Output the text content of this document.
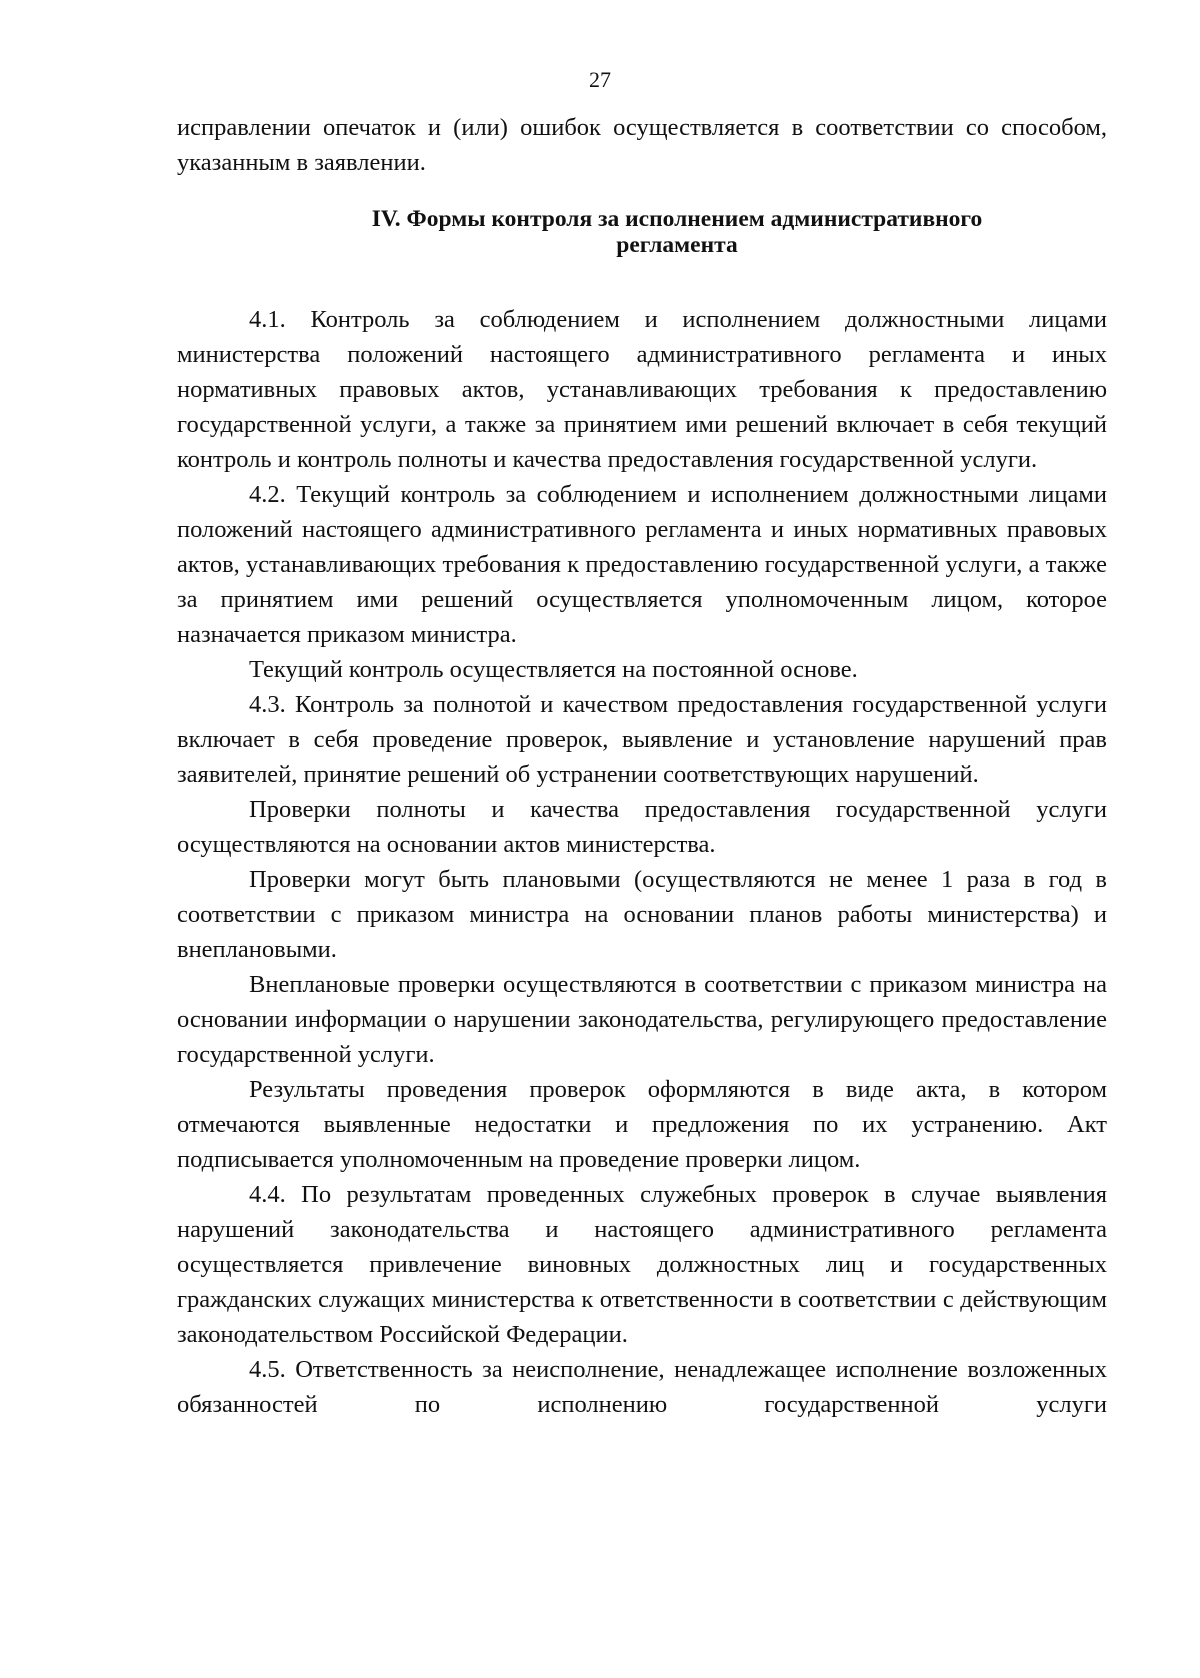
27

исправлении опечаток и (или) ошибок осуществляется в соответствии со способом, указанным в заявлении.

IV. Формы контроля за исполнением административного
регламента

4.1. Контроль за соблюдением и исполнением должностными лицами министерства положений настоящего административного регламента и иных нормативных правовых актов, устанавливающих требования к предоставлению государственной услуги, а также за принятием ими решений включает в себя текущий контроль и контроль полноты и качества предоставления государственной услуги.

4.2. Текущий контроль за соблюдением и исполнением должностными лицами положений настоящего административного регламента и иных нормативных правовых актов, устанавливающих требования к предоставлению государственной услуги, а также за принятием ими решений осуществляется уполномоченным лицом, которое назначается приказом министра.

Текущий контроль осуществляется на постоянной основе.

4.3. Контроль за полнотой и качеством предоставления государственной услуги включает в себя проведение проверок, выявление и установление нарушений прав заявителей, принятие решений об устранении соответствующих нарушений.

Проверки полноты и качества предоставления государственной услуги осуществляются на основании актов министерства.

Проверки могут быть плановыми (осуществляются не менее 1 раза в год в соответствии с приказом министра на основании планов работы министерства) и внеплановыми.

Внеплановые проверки осуществляются в соответствии с приказом министра на основании информации о нарушении законодательства, регулирующего предоставление государственной услуги.

Результаты проведения проверок оформляются в виде акта, в котором отмечаются выявленные недостатки и предложения по их устранению. Акт подписывается уполномоченным на проведение проверки лицом.

4.4. По результатам проведенных служебных проверок в случае выявления нарушений законодательства и настоящего административного регламента осуществляется привлечение виновных должностных лиц и государственных гражданских служащих министерства к ответственности в соответствии с действующим законодательством Российской Федерации.

4.5. Ответственность за неисполнение, ненадлежащее исполнение возложенных обязанностей по исполнению государственной услуги
